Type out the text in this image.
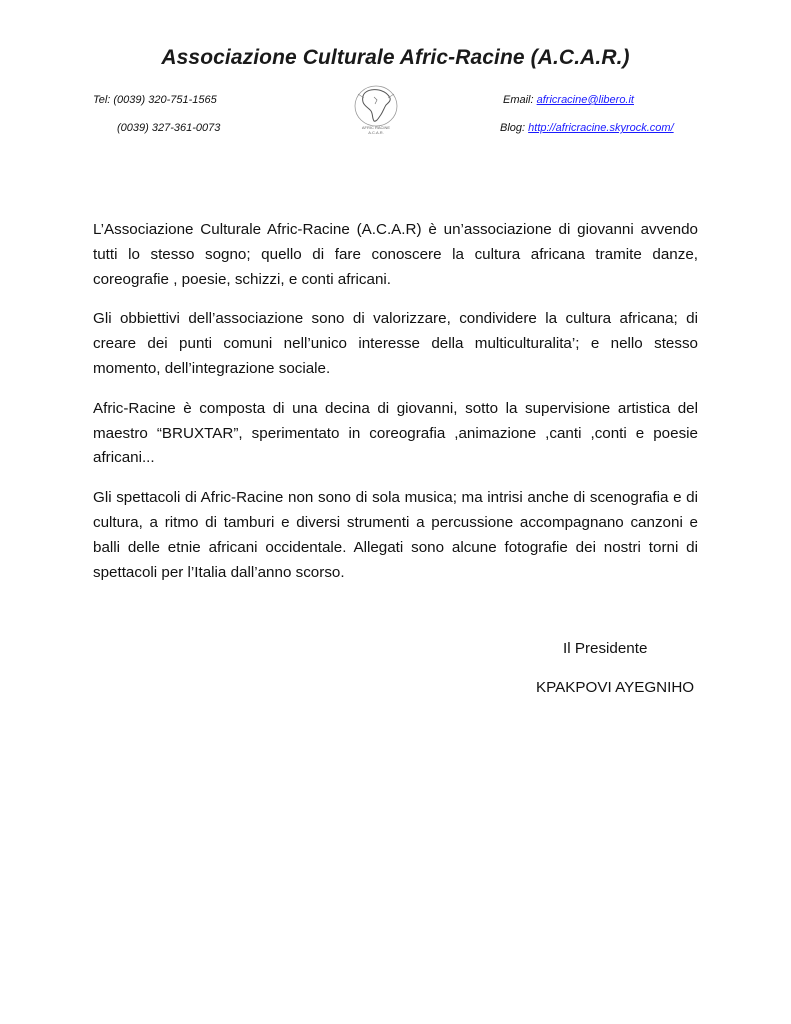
Associazione Culturale Afric-Racine (A.C.A.R.)
Tel: (0039) 320-751-1565
(0039) 327-361-0073
Email: africracine@libero.it
Blog: http://africracine.skyrock.com/
AFRIC RACINE
A.C.A.R.

L’Associazione Culturale Afric-Racine (A.C.A.R) è un’associazione di giovanni avvendo tutti lo stesso sogno; quello di fare conoscere la cultura africana tramite danze, coreografie , poesie, schizzi, e conti africani.

Gli obbiettivi dell’associazione sono di valorizzare, condividere la cultura africana; di creare dei punti comuni nell’unico interesse della multiculturalita’; e nello stesso momento, dell’integrazione sociale.

Afric-Racine è composta di una decina di giovanni, sotto la supervisione artistica del maestro “BRUXTAR”, sperimentato in coreografia ,animazione ,canti ,conti e poesie africani...

Gli spettacoli di Afric-Racine non sono di sola musica; ma intrisi anche di scenografia e di cultura, a ritmo di tamburi e diversi strumenti a percussione accompagnano canzoni e balli delle etnie africani occidentale. Allegati sono alcune fotografie dei nostri torni di spettacoli per l’Italia dall’anno scorso.

Il Presidente
KPAKPOVI AYEGNIHO
